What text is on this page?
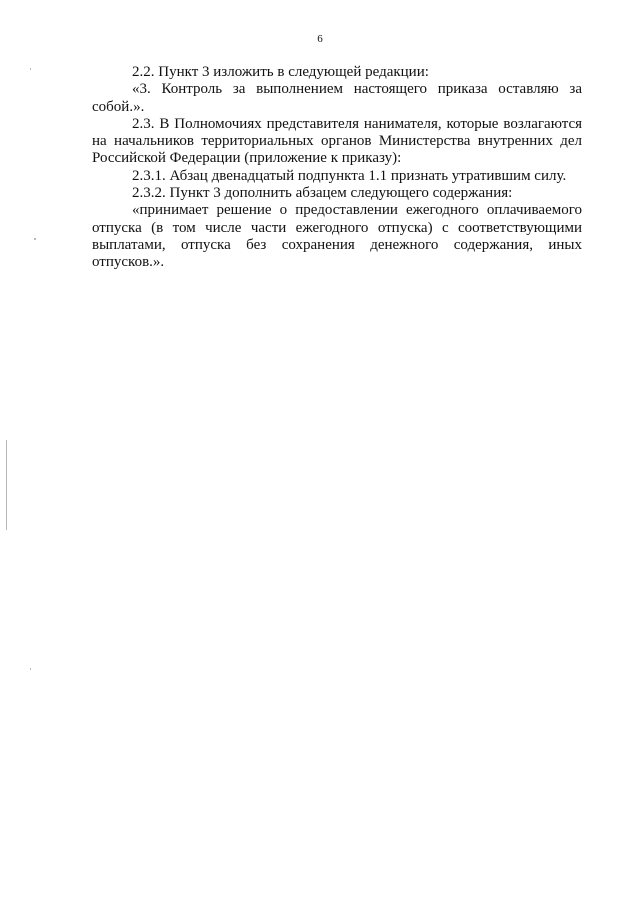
6

2.2. Пункт 3 изложить в следующей редакции:

«3. Контроль за выполнением настоящего приказа оставляю за собой.».

2.3. В Полномочиях представителя нанимателя, которые возлагаются на начальников территориальных органов Министерства внутренних дел Российской Федерации (приложение к приказу):

2.3.1. Абзац двенадцатый подпункта 1.1 признать утратившим силу.

2.3.2. Пункт 3 дополнить абзацем следующего содержания:

«принимает решение о предоставлении ежегодного оплачиваемого отпуска (в том числе части ежегодного отпуска) с соответствующими выплатами, отпуска без сохранения денежного содержания, иных отпусков.».
